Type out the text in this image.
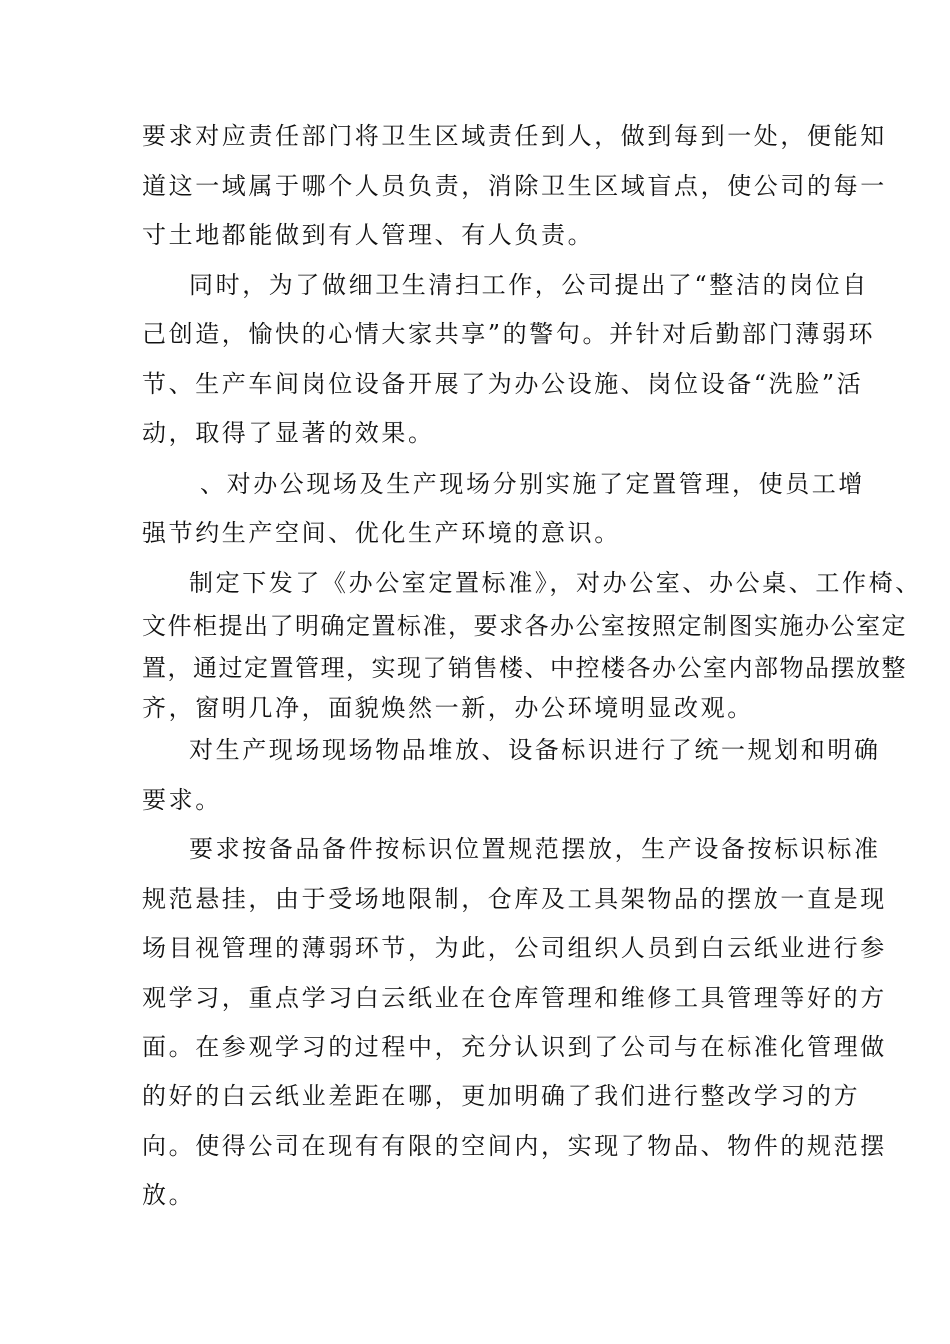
要求对应责任部门将卫生区域责任到人，做到每到一处，便能知
道这一域属于哪个人员负责，消除卫生区域盲点，使公司的每一
寸土地都能做到有人管理、有人负责。
同时，为了做细卫生清扫工作，公司提出了“整洁的岗位自
己创造，愉快的心情大家共享”的警句。并针对后勤部门薄弱环
节、生产车间岗位设备开展了为办公设施、岗位设备“洗脸”活
动，取得了显著的效果。
、对办公现场及生产现场分别实施了定置管理，使员工增
强节约生产空间、优化生产环境的意识。
制定下发了《办公室定置标准》，对办公室、办公桌、工作椅、
文件柜提出了明确定置标准，要求各办公室按照定制图实施办公室定
置，通过定置管理，实现了销售楼、中控楼各办公室内部物品摆放整
齐，窗明几净，面貌焕然一新，办公环境明显改观。
对生产现场现场物品堆放、设备标识进行了统一规划和明确
要求。
要求按备品备件按标识位置规范摆放，生产设备按标识标准
规范悬挂，由于受场地限制，仓库及工具架物品的摆放一直是现
场目视管理的薄弱环节，为此，公司组织人员到白云纸业进行参
观学习，重点学习白云纸业在仓库管理和维修工具管理等好的方
面。在参观学习的过程中，充分认识到了公司与在标准化管理做
的好的白云纸业差距在哪，更加明确了我们进行整改学习的方
向。使得公司在现有有限的空间内，实现了物品、物件的规范摆
放。
